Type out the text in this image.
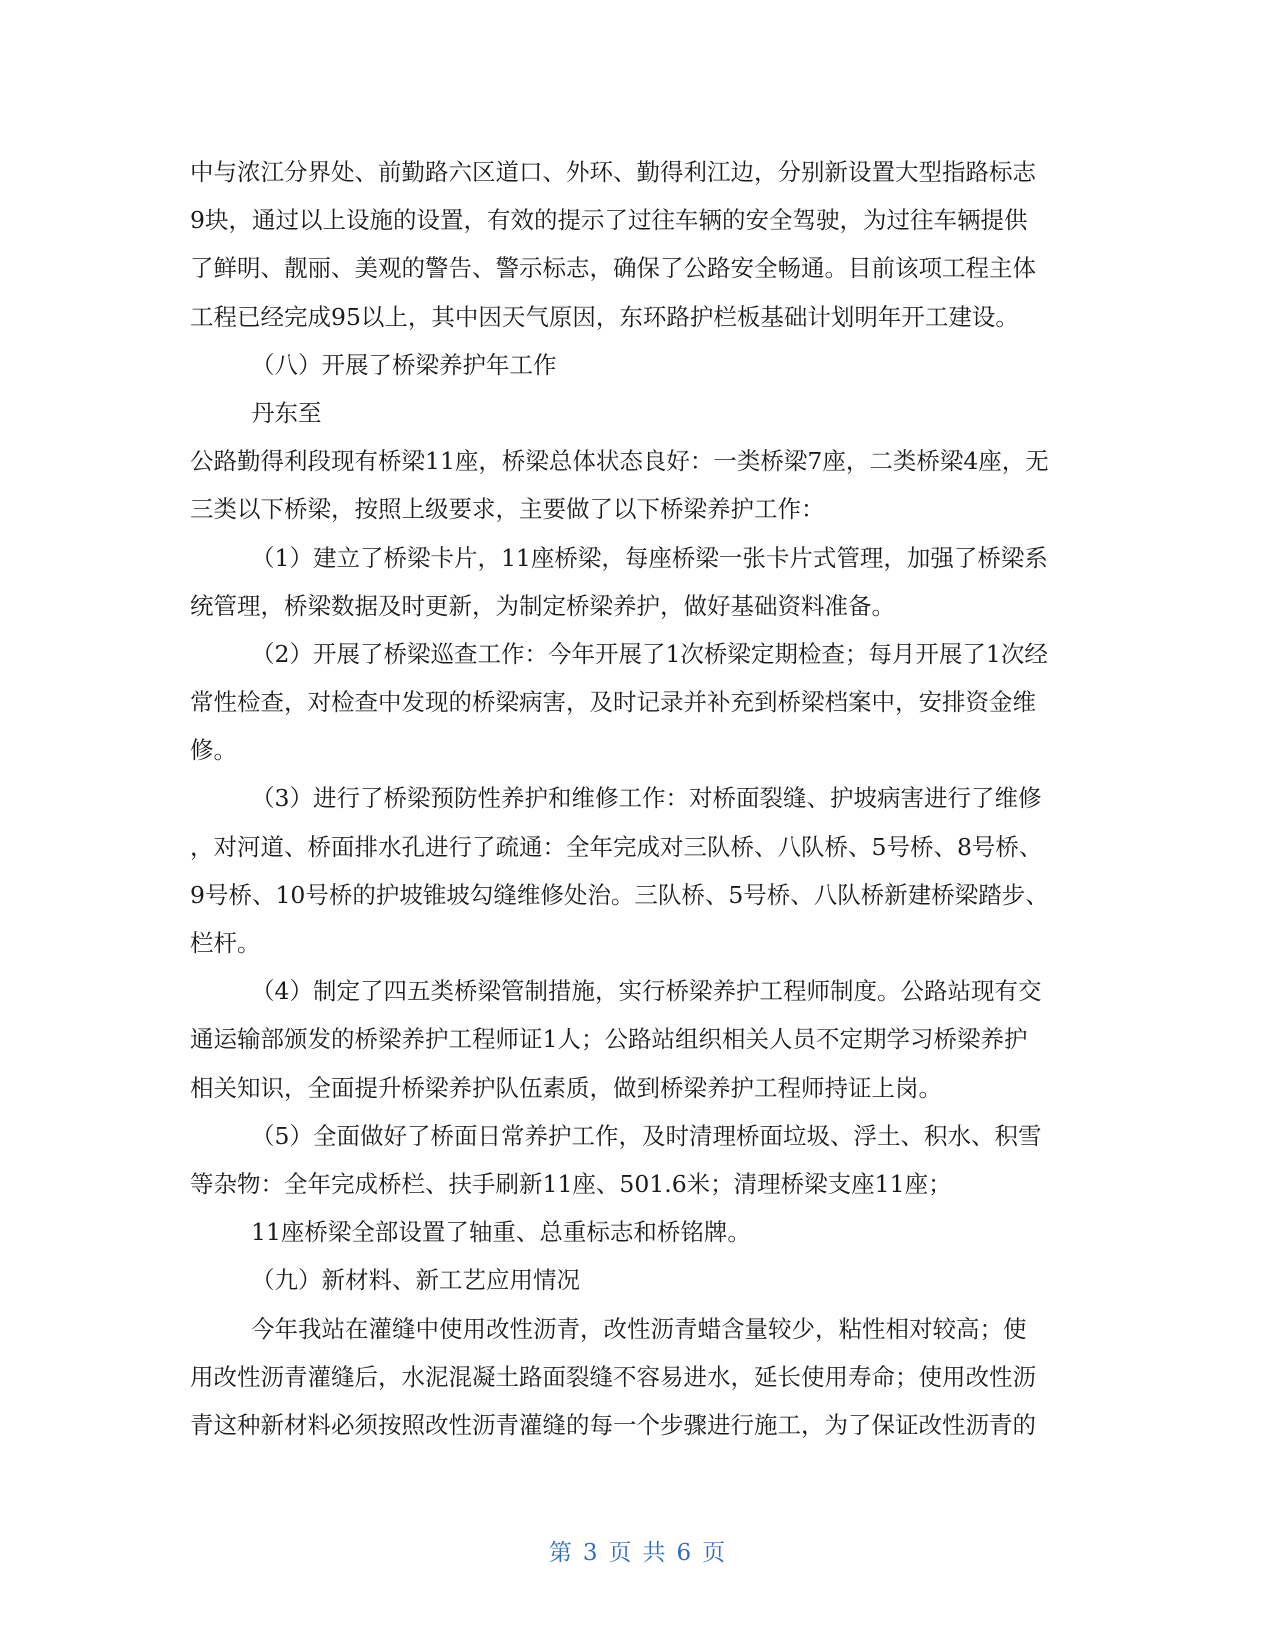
中与浓江分界处、前勤路六区道口、外环、勤得利江边，分别新设置大型指路标志
9块，通过以上设施的设置，有效的提示了过往车辆的安全驾驶，为过往车辆提供
了鲜明、靓丽、美观的警告、警示标志，确保了公路安全畅通。目前该项工程主体
工程已经完成95以上，其中因天气原因，东环路护栏板基础计划明年开工建设。
（八）开展了桥梁养护年工作
丹东至
公路勤得利段现有桥梁11座，桥梁总体状态良好：一类桥梁7座，二类桥梁4座，无
三类以下桥梁，按照上级要求，主要做了以下桥梁养护工作：
（1）建立了桥梁卡片，11座桥梁，每座桥梁一张卡片式管理，加强了桥梁系
统管理，桥梁数据及时更新，为制定桥梁养护，做好基础资料准备。
（2）开展了桥梁巡查工作：今年开展了1次桥梁定期检查；每月开展了1次经
常性检查，对检查中发现的桥梁病害，及时记录并补充到桥梁档案中，安排资金维
修。
（3）进行了桥梁预防性养护和维修工作：对桥面裂缝、护坡病害进行了维修
，对河道、桥面排水孔进行了疏通：全年完成对三队桥、八队桥、5号桥、8号桥、
9号桥、10号桥的护坡锥坡勾缝维修处治。三队桥、5号桥、八队桥新建桥梁踏步、
栏杆。
（4）制定了四五类桥梁管制措施，实行桥梁养护工程师制度。公路站现有交
通运输部颁发的桥梁养护工程师证1人；公路站组织相关人员不定期学习桥梁养护
相关知识，全面提升桥梁养护队伍素质，做到桥梁养护工程师持证上岗。
（5）全面做好了桥面日常养护工作，及时清理桥面垃圾、浮土、积水、积雪
等杂物：全年完成桥栏、扶手刷新11座、501.6米；清理桥梁支座11座；
11座桥梁全部设置了轴重、总重标志和桥铭牌。
（九）新材料、新工艺应用情况
今年我站在灌缝中使用改性沥青，改性沥青蜡含量较少，粘性相对较高；使
用改性沥青灌缝后，水泥混凝土路面裂缝不容易进水，延长使用寿命；使用改性沥
青这种新材料必须按照改性沥青灌缝的每一个步骤进行施工，为了保证改性沥青的
第 3 页 共 6 页
